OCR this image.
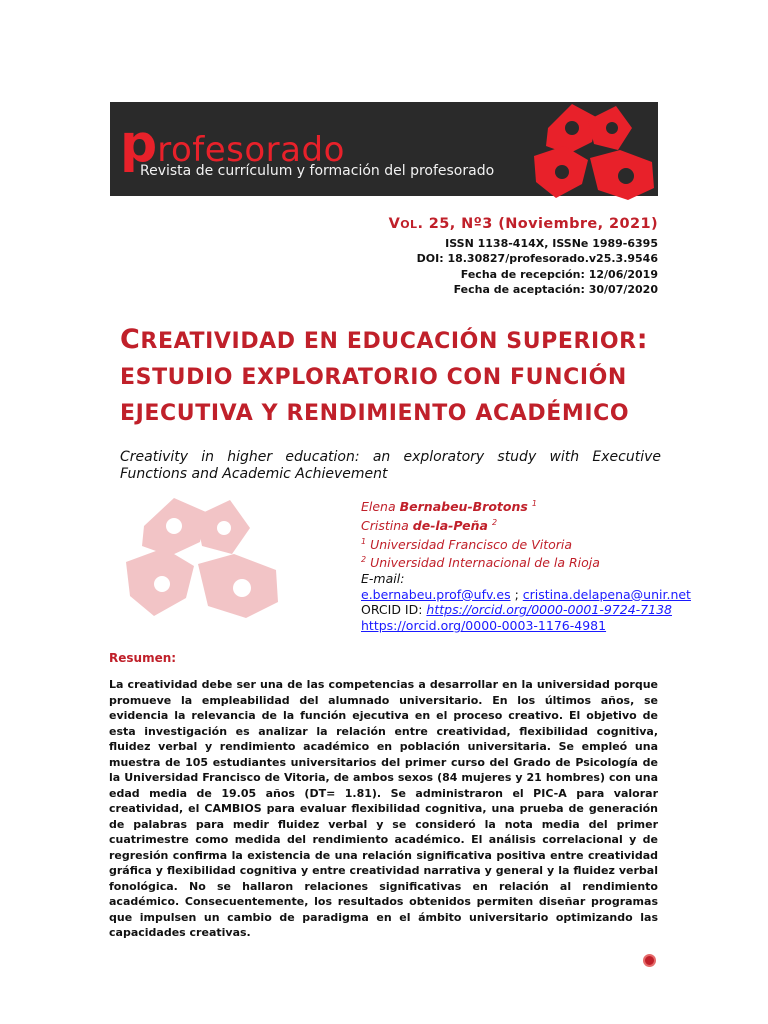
profesorado
Revista de currículum y formación del profesorado
VOL. 25, Nº3 (Noviembre, 2021)
ISSN 1138-414X, ISSNe 1989-6395
DOI: 18.30827/profesorado.v25.3.9546
Fecha de recepción: 12/06/2019
Fecha de aceptación: 30/07/2020
CREATIVIDAD EN EDUCACIÓN SUPERIOR:
ESTUDIO EXPLORATORIO CON FUNCIÓN
EJECUTIVA Y RENDIMIENTO ACADÉMICO
Creativity in higher education: an exploratory study with Executive Functions and Academic Achievement
Elena Bernabeu-Brotons $^1$
Cristina de-la-Peña $^2$
$^1$ Universidad Francisco de Vitoria
$^2$ Universidad Internacional de la Rioja
E-mail:
e.bernabeu.prof@ufv.es ; cristina.delapena@unir.net
ORCID ID: https://orcid.org/0000-0001-9724-7138
https://orcid.org/0000-0003-1176-4981
Resumen:
La creatividad debe ser una de las competencias a desarrollar en la universidad porque promueve la empleabilidad del alumnado universitario. En los últimos años, se evidencia la relevancia de la función ejecutiva en el proceso creativo. El objetivo de esta investigación es analizar la relación entre creatividad, flexibilidad cognitiva, fluidez verbal y rendimiento académico en población universitaria. Se empleó una muestra de 105 estudiantes universitarios del primer curso del Grado de Psicología de la Universidad Francisco de Vitoria, de ambos sexos (84 mujeres y 21 hombres) con una edad media de 19.05 años (DT= 1.81). Se administraron el PIC-A para valorar creatividad, el CAMBIOS para evaluar flexibilidad cognitiva, una prueba de generación de palabras para medir fluidez verbal y se consideró la nota media del primer cuatrimestre como medida del rendimiento académico. El análisis correlacional y de regresión confirma la existencia de una relación significativa positiva entre creatividad gráfica y flexibilidad cognitiva y entre creatividad narrativa y general y la fluidez verbal fonológica. No se hallaron relaciones significativas en relación al rendimiento académico. Consecuentemente, los resultados obtenidos permiten diseñar programas que impulsen un cambio de paradigma en el ámbito universitario optimizando las capacidades creativas.
